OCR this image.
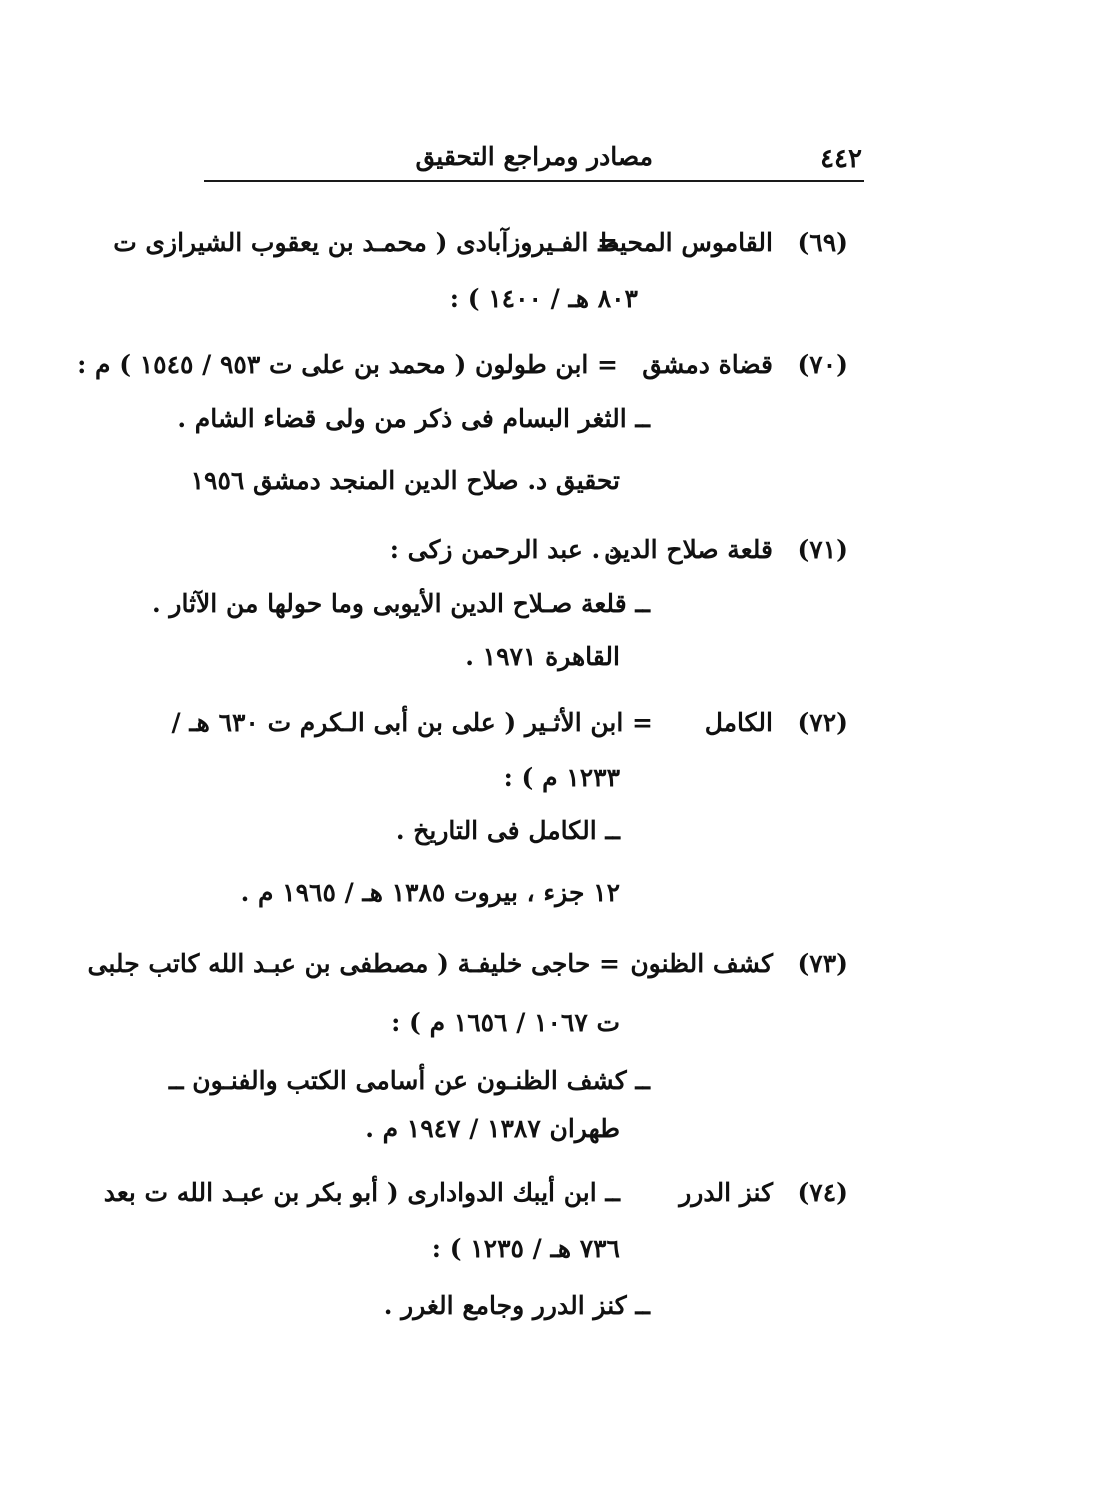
٤٤٢
مصادر ومراجع التحقيق
(٦٩)
القاموس المحيط
= الفـيروزآبادى ( محمـد بن يعقوب الشيرازى ت
٨٠٣ هـ / ١٤٠٠ ) :
(٧٠)
قضاة دمشق
= ابن طولون ( محمد بن على ت ٩٥٣ / ١٥٤٥ ) م :
ــ الثغر البسام فى ذكر من ولى قضاء الشام .
تحقيق د. صلاح الدين المنجد دمشق ١٩٥٦
(٧١)
قلعة صلاح الدين
د . عبد الرحمن زكى :
ــ قلعة صـلاح الدين الأيوبى وما حولها من الآثار .
القاهرة ١٩٧١ .
(٧٢)
الكامل
= ابن الأثـير ( على بن أبى الـكرم ت ٦٣٠ هـ /
١٢٣٣ م ) :
ــ الكامل فى التاريخ .
١٢ جزء ، بيروت ١٣٨٥ هـ / ١٩٦٥ م .
(٧٣)
كشف الظنون
= حاجى خليفـة ( مصطفى بن عبـد الله كاتب جلبى
ت ١٠٦٧ / ١٦٥٦ م ) :
ــ كشف الظنـون عن أسامى الكتب والفنـون ــ
طهران ١٣٨٧ / ١٩٤٧ م .
(٧٤)
كنز الدرر
ــ ابن أيبك الدوادارى ( أبو بكر بن عبـد الله ت بعد
٧٣٦ هـ / ١٢٣٥ ) :
ــ كنز الدرر وجامع الغرر .
